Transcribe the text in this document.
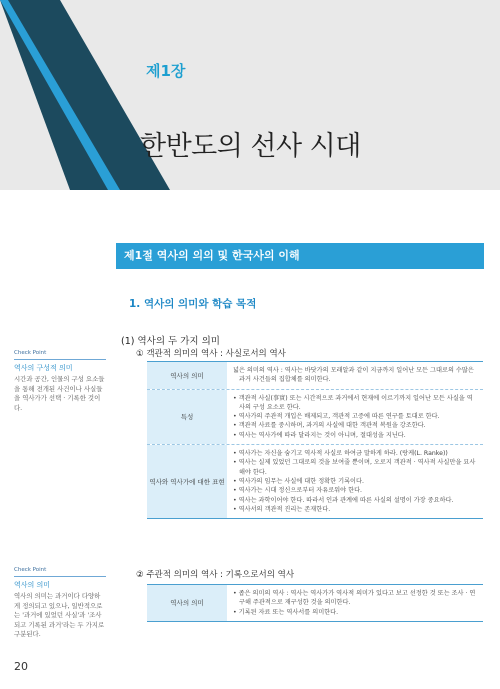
제1장
한반도의 선사 시대
제1절 역사의 의의 및 한국사의 이해
1. 역사의 의미와 학습 목적
(1) 역사의 두 가지 의미
① 객관적 의미의 역사 : 사실로서의 역사
역사의 의미
넓은 의미의 역사 : 역사는 바닷가의 모래알과 같이 지금까지 일어난 모든 그대로의 수많은 과거 사건들의 집합체를 의미한다.
특성
• 객관적 사실(事實) 또는 시간적으로 과거에서 현재에 이르기까지 일어난 모든 사실을 역사의 구성 요소로 한다.
• 역사가의 주관적 개입은 배제되고, 객관적 고증에 따른 연구를 토대로 한다.
• 객관적 사료를 중시하며, 과거의 사실에 대한 객관적 복원을 강조한다.
• 역사는 역사가에 따라 달라지는 것이 아니며, 절대성을 지닌다.
역사와 역사가에 대한 표현
• 역사가는 자신을 숨기고 역사적 사실로 하여금 말하게 하라. (랑케(L. Ranke))
• 역사는 실제 있었던 그대로의 것을 보여줄 뿐이며, 오로지 객관적 · 역사적 사실만을 묘사해야 한다.
• 역사가의 임무는 사실에 대한 정확한 기록이다.
• 역사가는 시대 정신으로부터 자유로워야 한다.
• 역사는 과학이어야 한다. 따라서 인과 관계에 따른 사실의 설명이 가장 중요하다.
• 역사서의 객관적 진리는 존재한다.
② 주관적 의미의 역사 : 기록으로서의 역사
역사의 의미
• 좁은 의미의 역사 : 역사는 역사가가 역사적 의미가 있다고 보고 선정한 것 또는 조사 · 연구해 주관적으로 재구성한 것을 의미한다.
• 기록된 자료 또는 역사서를 의미한다.
Check Point
역사의 구성적 의미
시간과 공간, 인물의 구성 요소들을 통해 전개된 사건이나 사실들을 역사가가 선택 · 기록한 것이다.
Check Point
역사의 의미
역사의 의미는 과거이다 다양하게 정의되고 있으나, 일반적으로는 '과거에 있었던 사실'과 '조사되고 기록된 과거'라는 두 가지로 구분된다.
20
